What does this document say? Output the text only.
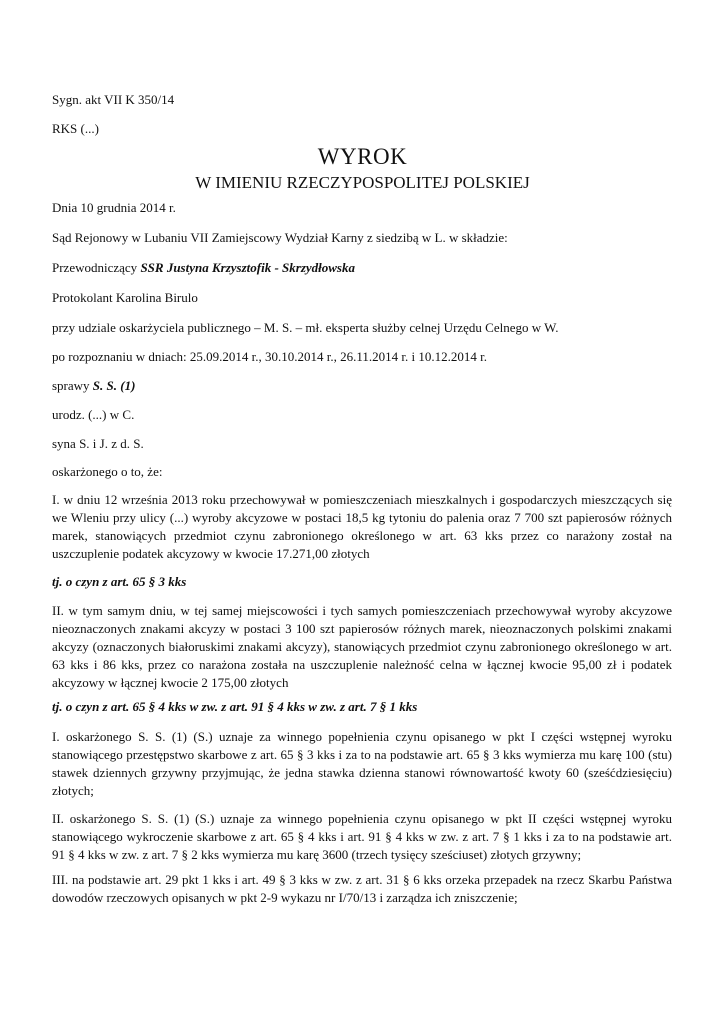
Sygn. akt VII K 350/14

RKS (...)

WYROK
W IMIENIU RZECZYPOSPOLITEJ POLSKIEJ

Dnia 10 grudnia 2014 r.

Sąd Rejonowy w Lubaniu VII Zamiejscowy Wydział Karny z siedzibą w L. w składzie:

Przewodniczący SSR Justyna Krzysztofik - Skrzydłowska

Protokolant Karolina Birulo

przy udziale oskarżyciela publicznego – M. S. – mł. eksperta służby celnej Urzędu Celnego w W.

po rozpoznaniu w dniach: 25.09.2014 r., 30.10.2014 r., 26.11.2014 r. i 10.12.2014 r.

sprawy S. S. (1)

urodz. (...) w C.

syna S. i J. z d. S.

oskarżonego o to, że:

I. w dniu 12 września 2013 roku przechowywał w pomieszczeniach mieszkalnych i gospodarczych mieszczących się we Wleniu przy ulicy (...) wyroby akcyzowe w postaci 18,5 kg tytoniu do palenia oraz 7 700 szt papierosów różnych marek, stanowiących przedmiot czynu zabronionego określonego w art. 63 kks przez co narażony został na uszczuplenie podatek akcyzowy w kwocie 17.271,00 złotych

tj. o czyn z art. 65 § 3 kks

II. w tym samym dniu, w tej samej miejscowości i tych samych pomieszczeniach przechowywał wyroby akcyzowe nieoznaczonych znakami akcyzy w postaci 3 100 szt papierosów różnych marek, nieoznaczonych polskimi znakami akcyzy (oznaczonych białoruskimi znakami akcyzy), stanowiących przedmiot czynu zabronionego określonego w art. 63 kks i 86 kks, przez co narażona została na uszczuplenie należność celna w łącznej kwocie 95,00 zł i podatek akcyzowy w łącznej kwocie 2 175,00 złotych

tj. o czyn z art. 65 § 4 kks w zw. z art. 91 § 4 kks w zw. z art. 7 § 1 kks

I. oskarżonego S. S. (1) (S.) uznaje za winnego popełnienia czynu opisanego w pkt I części wstępnej wyroku stanowiącego przestępstwo skarbowe z art. 65 § 3 kks i za to na podstawie art. 65 § 3 kks wymierza mu karę 100 (stu) stawek dziennych grzywny przyjmując, że jedna stawka dzienna stanowi równowartość kwoty 60 (sześćdziesięciu) złotych;

II. oskarżonego S. S. (1) (S.) uznaje za winnego popełnienia czynu opisanego w pkt II części wstępnej wyroku stanowiącego wykroczenie skarbowe z art. 65 § 4 kks i art. 91 § 4 kks w zw. z art. 7 § 1 kks i za to na podstawie art. 91 § 4 kks w zw. z art. 7 § 2 kks wymierza mu karę 3600 (trzech tysięcy sześciuset) złotych grzywny;

III. na podstawie art. 29 pkt 1 kks i art. 49 § 3 kks w zw. z art. 31 § 6 kks orzeka przepadek na rzecz Skarbu Państwa dowodów rzeczowych opisanych w pkt 2-9 wykazu nr I/70/13 i zarządza ich zniszczenie;
